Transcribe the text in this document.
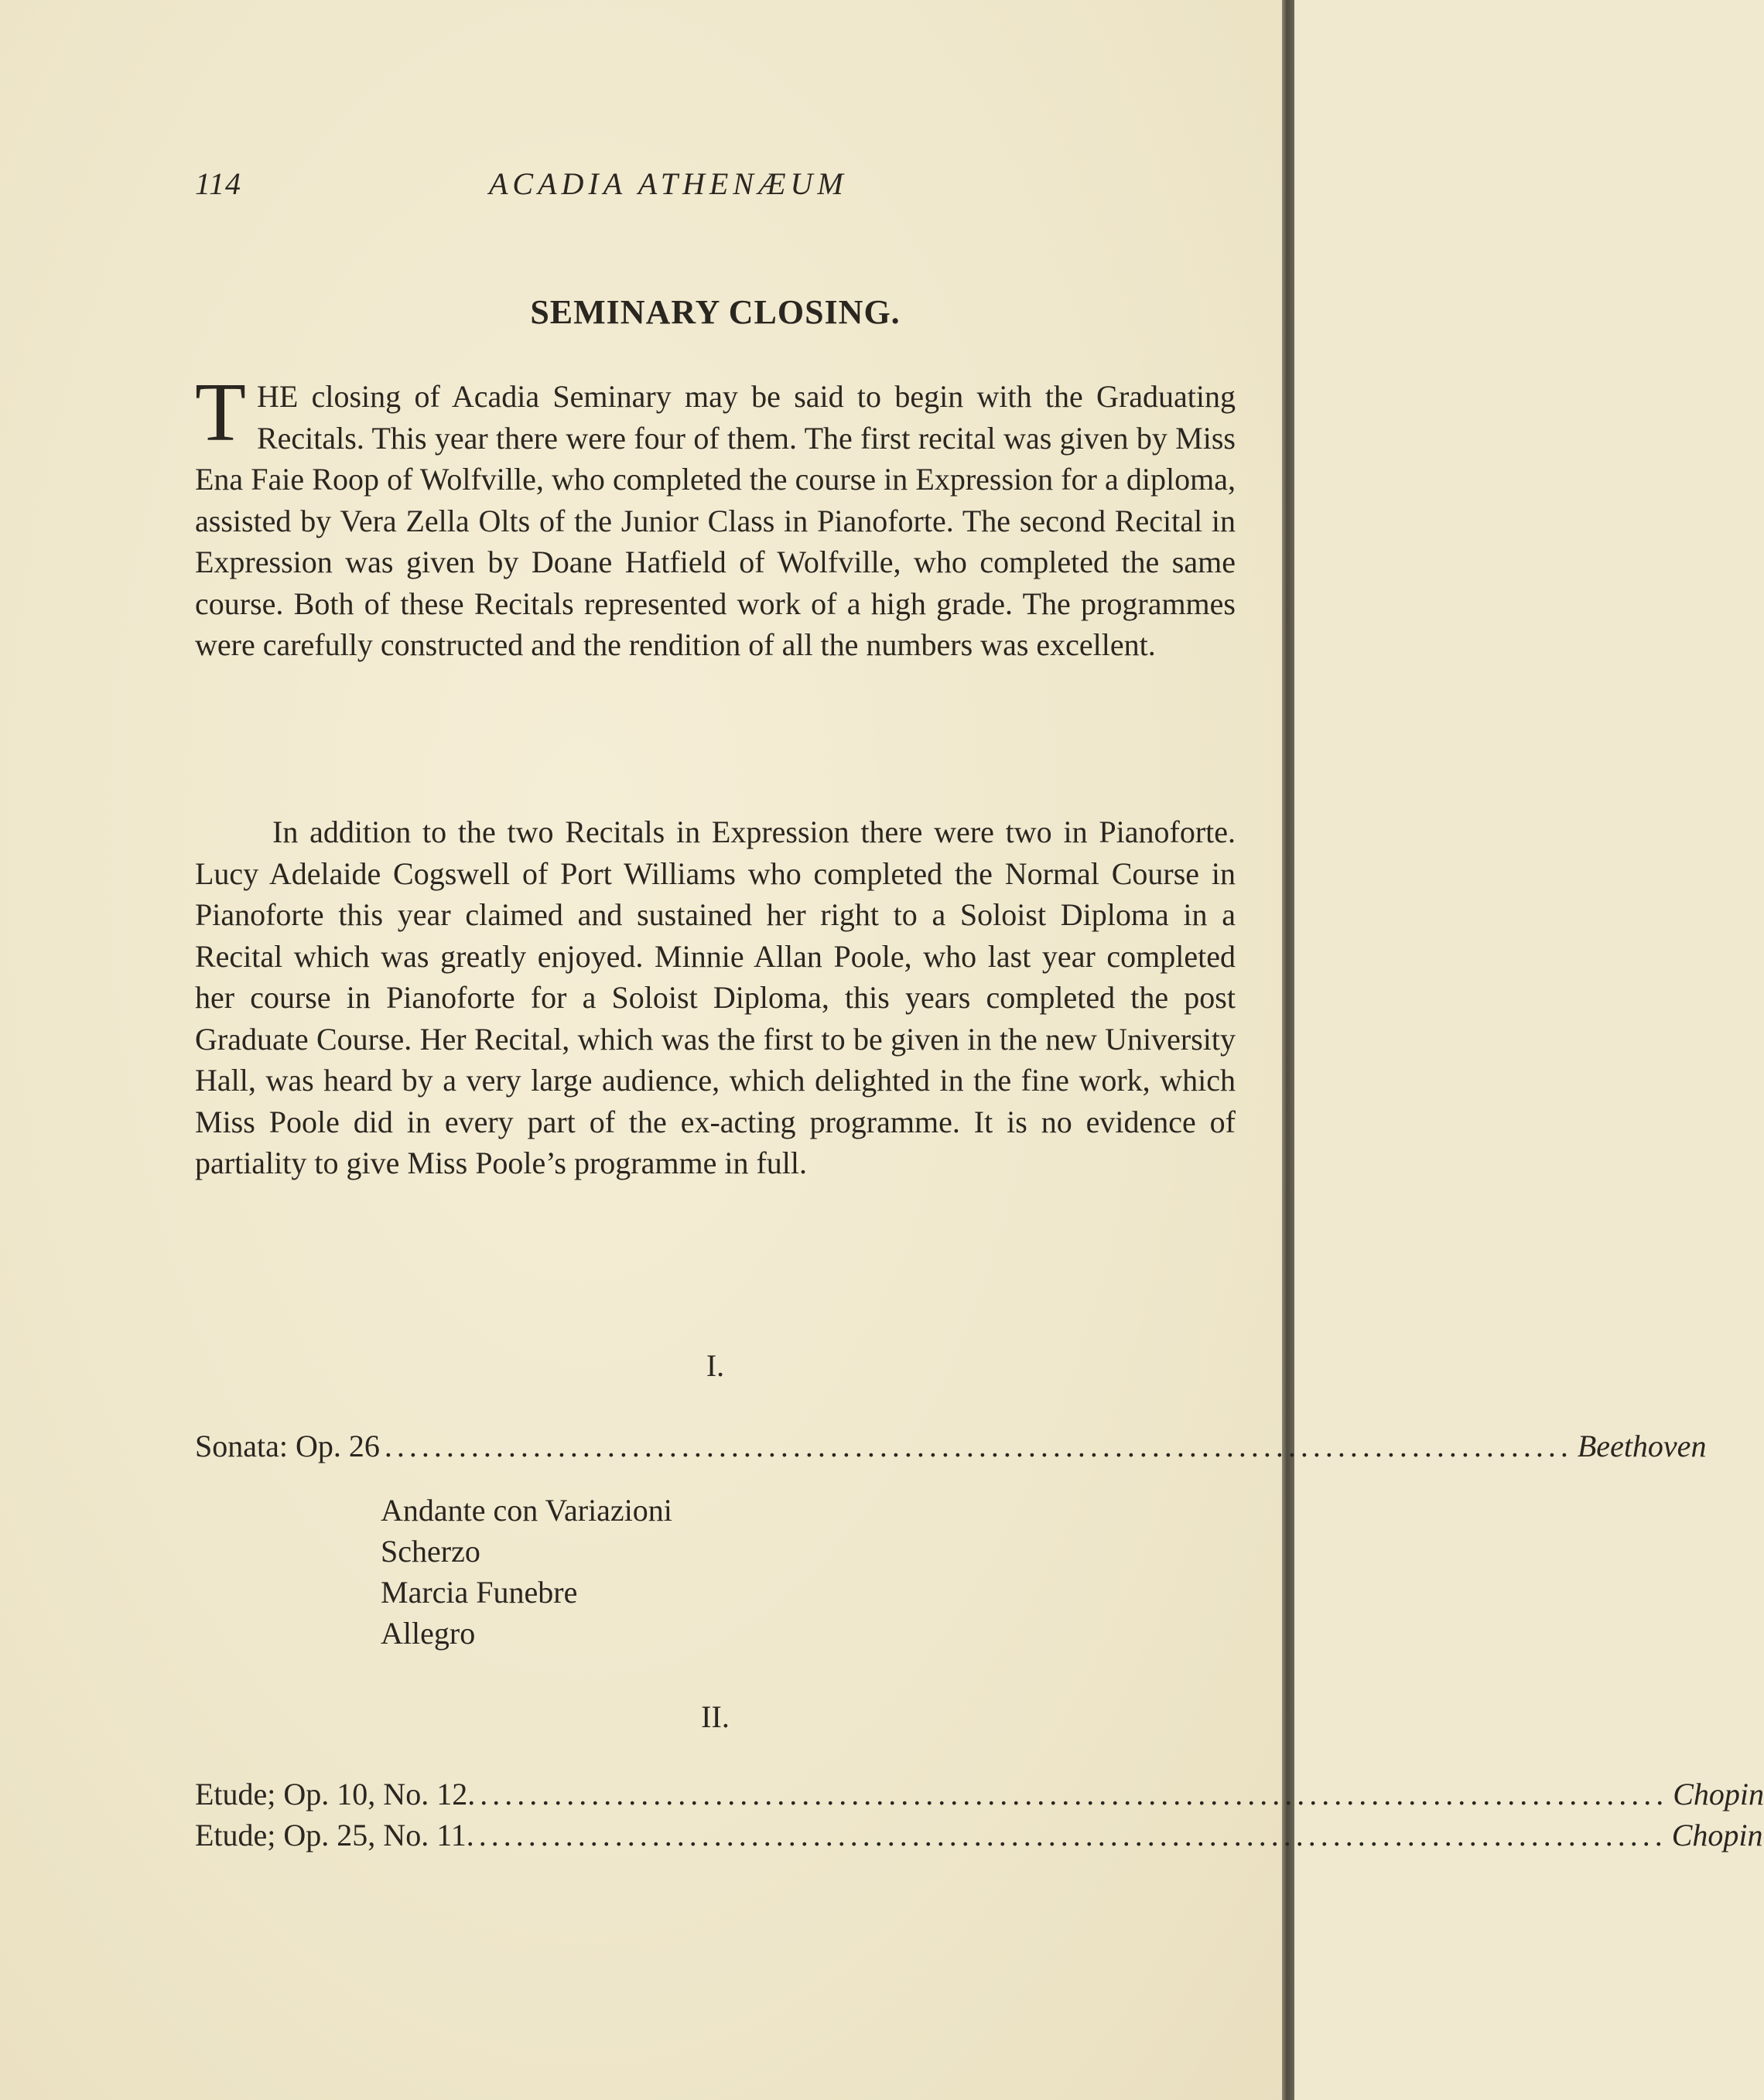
114	ACADIA ATHENÆUM
SEMINARY CLOSING.
THE closing of Acadia Seminary may be said to begin with the Graduating Recitals. This year there were four of them. The first recital was given by Miss Ena Faie Roop of Wolfville, who completed the course in Expression for a diploma, assisted by Vera Zella Olts of the Junior Class in Pianoforte. The second Recital in Expression was given by Doane Hatfield of Wolfville, who completed the same course. Both of these Recitals represented work of a high grade. The programmes were carefully constructed and the rendition of all the numbers was excellent.
In addition to the two Recitals in Expression there were two in Pianoforte. Lucy Adelaide Cogswell of Port Williams who completed the Normal Course in Pianoforte this year claimed and sustained her right to a Soloist Diploma in a Recital which was greatly enjoyed. Minnie Allan Poole, who last year completed her course in Pianoforte for a Soloist Diploma, this years completed the post Graduate Course. Her Recital, which was the first to be given in the new University Hall, was heard by a very large audience, which delighted in the fine work, which Miss Poole did in every part of the ex-acting programme. It is no evidence of partiality to give Miss Poole’s programme in full.
I.
Sonata: Op. 26 ................................................................................................ Beethoven
Andante con Variazioni
Scherzo
Marcia Funebre
Allegro
II.
Etude; Op. 10, No. 12. ................................................................................................ Chopin
Etude; Op. 25, No. 11. ................................................................................................ Chopin
